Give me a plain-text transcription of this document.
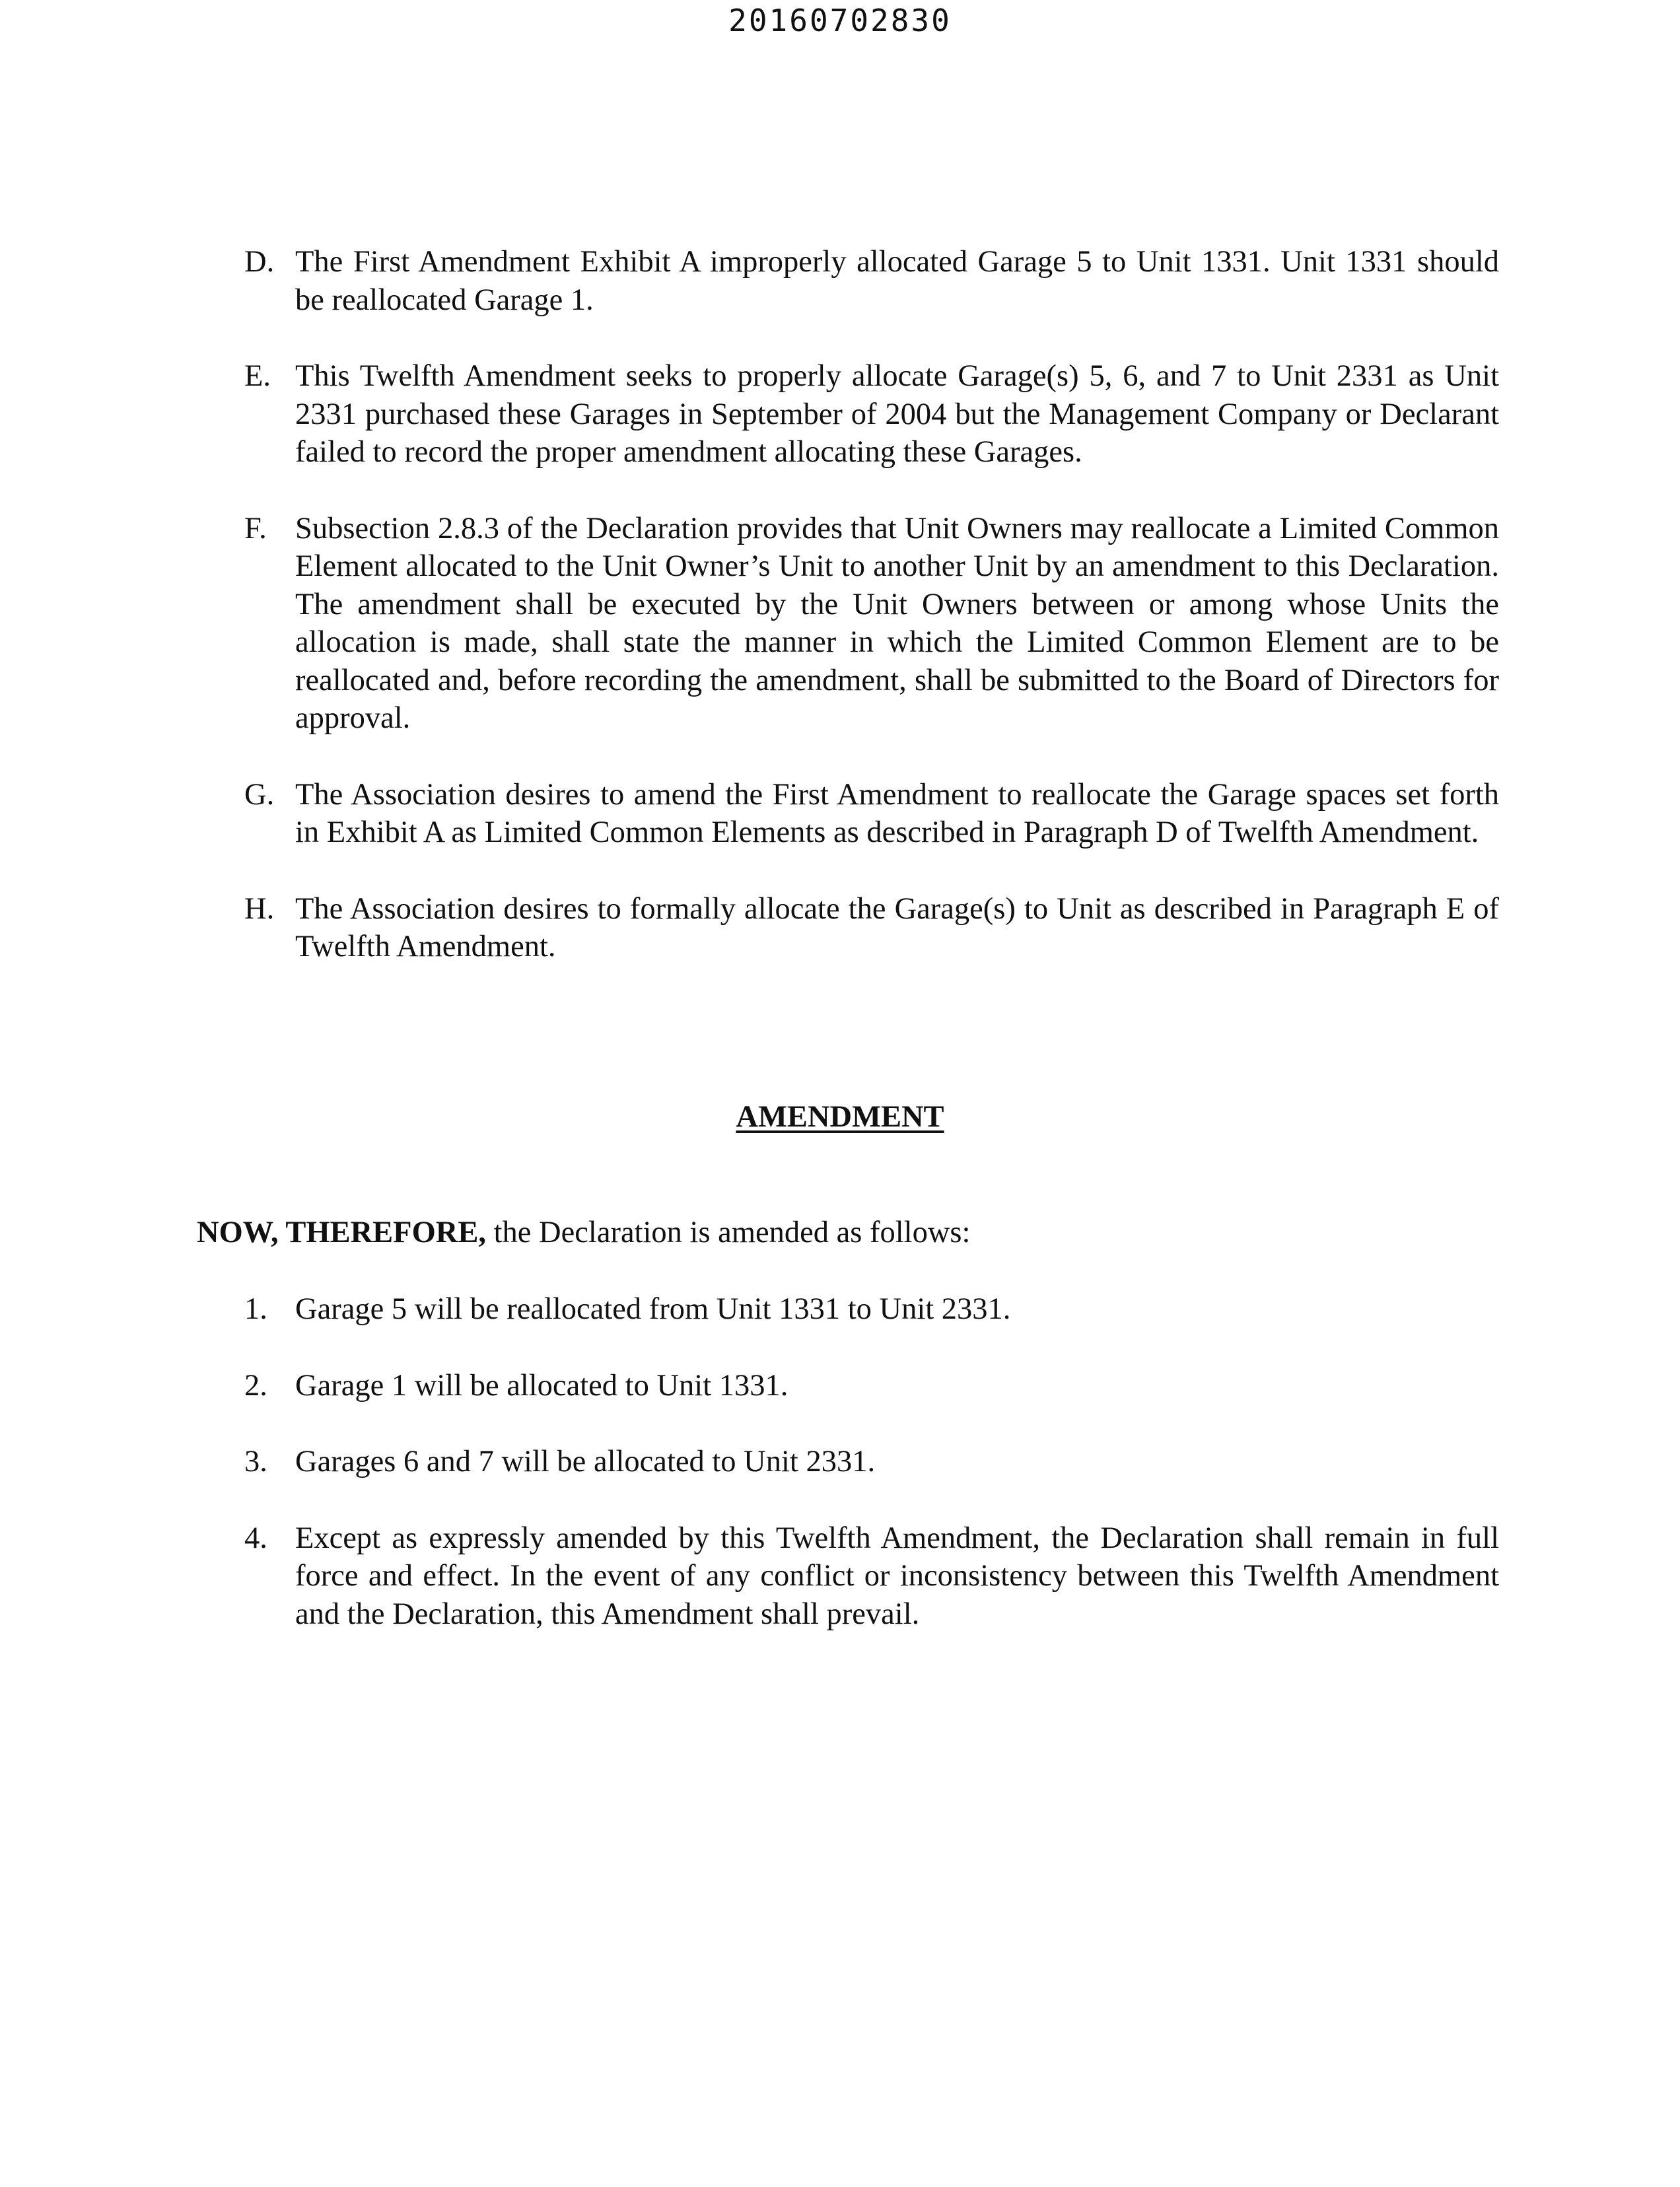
20160702830
D. The First Amendment Exhibit A improperly allocated Garage 5 to Unit 1331. Unit 1331 should be reallocated Garage 1.
E. This Twelfth Amendment seeks to properly allocate Garage(s) 5, 6, and 7 to Unit 2331 as Unit 2331 purchased these Garages in September of 2004 but the Management Company or Declarant failed to record the proper amendment allocating these Garages.
F. Subsection 2.8.3 of the Declaration provides that Unit Owners may reallocate a Limited Common Element allocated to the Unit Owner’s Unit to another Unit by an amendment to this Declaration. The amendment shall be executed by the Unit Owners between or among whose Units the allocation is made, shall state the manner in which the Limited Common Element are to be reallocated and, before recording the amendment, shall be submitted to the Board of Directors for approval.
G. The Association desires to amend the First Amendment to reallocate the Garage spaces set forth in Exhibit A as Limited Common Elements as described in Paragraph D of Twelfth Amendment.
H. The Association desires to formally allocate the Garage(s) to Unit as described in Paragraph E of Twelfth Amendment.
AMENDMENT
NOW, THEREFORE, the Declaration is amended as follows:
1. Garage 5 will be reallocated from Unit 1331 to Unit 2331.
2. Garage 1 will be allocated to Unit 1331.
3. Garages 6 and 7 will be allocated to Unit 2331.
4. Except as expressly amended by this Twelfth Amendment, the Declaration shall remain in full force and effect. In the event of any conflict or inconsistency between this Twelfth Amendment and the Declaration, this Amendment shall prevail.
